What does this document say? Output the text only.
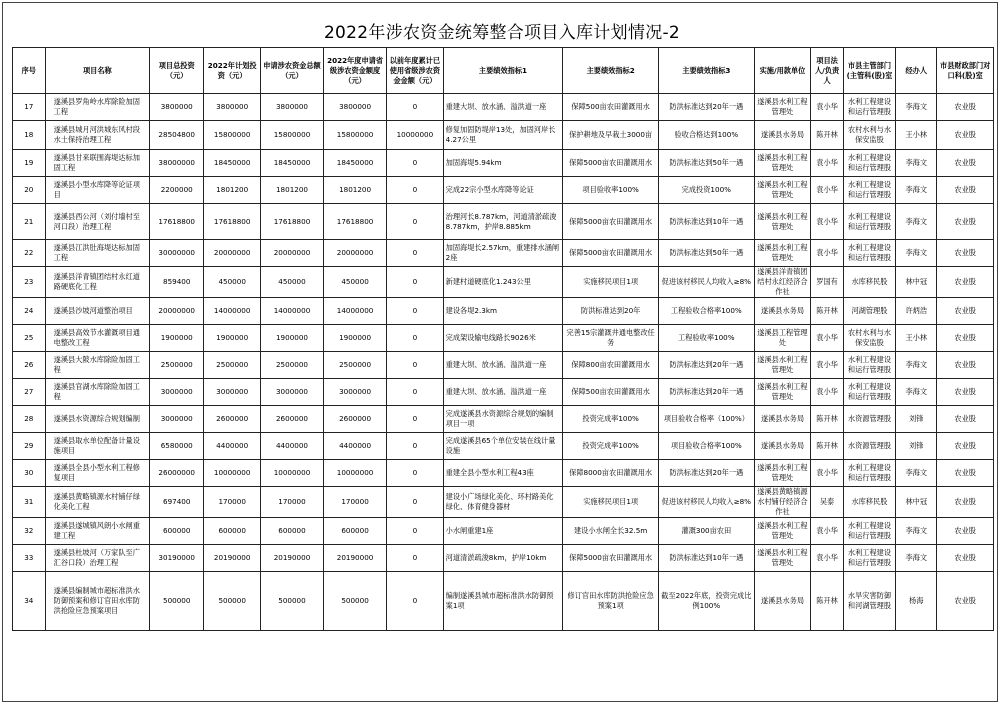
2022年涉农资金统筹整合项目入库计划情况-2
序号	项目名称	项目总投资（元）	2022年计划投资（元）	申请涉农资金总额（元）	2022年度申请省级涉农资金额度（元）	以前年度累计已使用省级涉农资金金额（元）	主要绩效指标1	主要绩效指标2	主要绩效指标3	实施/用款单位	项目法人/负责人	市县主管部门(主管科(股)室	经办人	市县财政部门对口科(股)室
17	遂溪县罗角岭水库除险加固工程	3800000	3800000	3800000	3800000	0	重建大坝、放水涵、溢洪道一座	保障500亩农田灌溉用水	防洪标准达到20年一遇	遂溪县水利工程管理处	袁小华	水利工程建设和运行管理股	李海文	农业股
18	遂溪县城月河洪城东风村段水土保持治理工程	28504800	15800000	15800000	15800000	10000000	修复加固防堤岸13处，加固河岸长4.27公里	保护耕地及早栽土3000亩	验收合格达到100%	遂溪县水务局	陈开林	农村水利与水保安监股	王小林	农业股
19	遂溪县甘来联围海堤达标加固工程	38000000	18450000	18450000	18450000	0	加固海堤5.94km	保障5000亩农田灌溉用水	防洪标准达到50年一遇	遂溪县水利工程管理处	袁小华	水利工程建设和运行管理股	李海文	农业股
20	遂溪县小型水库降等论证项目	2200000	1801200	1801200	1801200	0	完成22宗小型水库降等论证	项目验收率100%	完成投资100%	遂溪县水利工程管理处	袁小华	水利工程建设和运行管理股	李海文	农业股
21	遂溪县西公河（刘付墙村至河口段）治理工程	17618800	17618800	17618800	17618800	0	治理河长8.787km，河道清淤疏浚8.787km，护岸8.885km	保障5000亩农田灌溉用水	防洪标准达到10年一遇	遂溪县水利工程管理处	袁小华	水利工程建设和运行管理股	李海文	农业股
22	遂溪县江洪肚海堤达标加固工程	30000000	20000000	20000000	20000000	0	加固海堤长2.57km，重建排水涵闸2座	保障5000亩农田灌溉用水	防洪标准达到50年一遇	遂溪县水利工程管理处	袁小华	水利工程建设和运行管理股	李海文	农业股
23	遂溪县洋青镇团结村永红道路硬底化工程	859400	450000	450000	450000	0	新建村道硬底化1.243公里	实施移民项目1项	促进该村移民人均收入≥8%	遂溪县洋青镇团结村永红经济合作社	罗国有	水库移民股	林中冠	农业股
24	遂溪县沙坡河道整治项目	20000000	14000000	14000000	14000000	0	建设各堤2.3km	防洪标准达到20年	工程验收合格率100%	遂溪县水务局	陈开林	河湖管理股	许炳浩	农业股
25	遂溪县高效节水灌溉项目通电整改工程	1900000	1900000	1900000	1900000	0	完成架设输电线路长9026米	完善15宗灌溉井通电整改任务	工程验收率100%	遂溪县工程管理处	袁小华	农村水利与水保安监股	王小林	农业股
26	遂溪县大陂水库除险加固工程	2500000	2500000	2500000	2500000	0	重建大坝、放水涵、溢洪道一座	保障800亩农田灌溉用水	防洪标准达到20年一遇	遂溪县水利工程管理处	袁小华	水利工程建设和运行管理股	李海文	农业股
27	遂溪县官湖水库除险加固工程	3000000	3000000	3000000	3000000	0	重建大坝、放水涵、溢洪道一座	保障500亩农田灌溉用水	防洪标准达到20年一遇	遂溪县水利工程管理处	袁小华	水利工程建设和运行管理股	李海文	农业股
28	遂溪县水资源综合规划编制	3000000	2600000	2600000	2600000	0	完成遂溪县水资源综合规划的编制项目一项	投资完成率100%	项目验收合格率（100%）	遂溪县水务局	陈开林	水资源管理股	刘锋	农业股
29	遂溪县取水单位配备计量设施项目	6580000	4400000	4400000	4400000	0	完成遂溪县65个单位安装在线计量设施	投资完成率100%	项目验收合格率100%	遂溪县水务局	陈开林	水资源管理股	刘锋	农业股
30	遂溪县全县小型水利工程修复项目	26000000	10000000	10000000	10000000	0	重建全县小型水利工程43座	保障8000亩农田灌溉用水	防洪标准达到20年一遇	遂溪县水利工程管理处	袁小华	水利工程建设和运行管理股	李海文	农业股
31	遂溪县黄略镇源水村铺仔绿化美化工程	697400	170000	170000	170000	0	建设小广场绿化美化、环村路美化绿化、体育健身器材	实施移民项目1项	促进该村移民人均收入≥8%	遂溪县黄略镇源水村铺仔经济合作社	吴泰	水库移民股	林中冠	农业股
32	遂溪县遂城镇风朗小水闸重建工程	600000	600000	600000	600000	0	小水闸重建1座	建设小水闸全长32.5m	灌溉300亩农田	遂溪县水利工程管理处	袁小华	水利工程建设和运行管理股	李海文	农业股
33	遂溪县杜坡河（万家队至广汇谷口段）治理工程	30190000	20190000	20190000	20190000	0	河道清淤疏浚8km，护岸10km	保障5000亩农田灌溉用水	防洪标准达到10年一遇	遂溪县水利工程管理处	袁小华	水利工程建设和运行管理股	李海文	农业股
34	遂溪县编制城市超标准洪水防御预案和修订官田水库防洪抢险应急预案项目	500000	500000	500000	500000	0	编制遂溪县城市超标准洪水防御预案1项	修订官田水库防洪抢险应急预案1项	截至2022年底，投资完成比例100%	遂溪县水务局	陈开林	水旱灾害防御和河湖管理股	杨海	农业股
